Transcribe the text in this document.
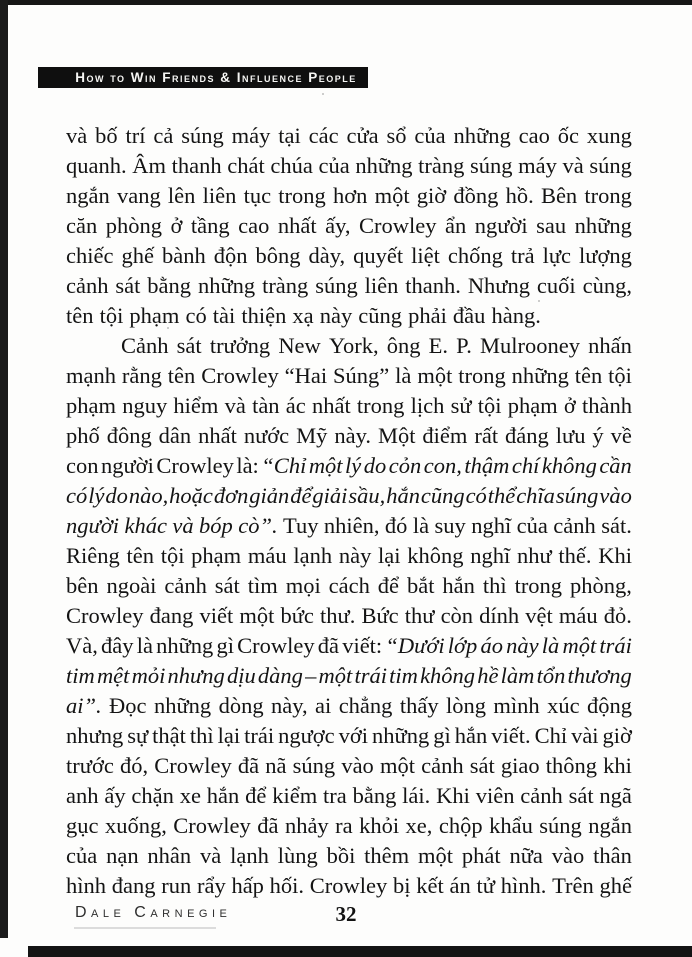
How to Win Friends & Influence People
và bố trí cả súng máy tại các cửa sổ của những cao ốc xung
quanh. Âm thanh chát chúa của những tràng súng máy và súng
ngắn vang lên liên tục trong hơn một giờ đồng hồ. Bên trong
căn phòng ở tầng cao nhất ấy, Crowley ẩn người sau những
chiếc ghế bành độn bông dày, quyết liệt chống trả lực lượng
cảnh sát bằng những tràng súng liên thanh. Nhưng cuối cùng,
tên tội phạm có tài thiện xạ này cũng phải đầu hàng.
Cảnh sát trưởng New York, ông E. P. Mulrooney nhấn
mạnh rằng tên Crowley “Hai Súng” là một trong những tên tội
phạm nguy hiểm và tàn ác nhất trong lịch sử tội phạm ở thành
phố đông dân nhất nước Mỹ này. Một điểm rất đáng lưu ý về
con người Crowley là: “Chỉ một lý do cỏn con, thậm chí không cần
có lý do nào, hoặc đơn giản để giải sầu, hắn cũng có thể chĩa súng vào
người khác và bóp cò”. Tuy nhiên, đó là suy nghĩ của cảnh sát.
Riêng tên tội phạm máu lạnh này lại không nghĩ như thế. Khi
bên ngoài cảnh sát tìm mọi cách để bắt hắn thì trong phòng,
Crowley đang viết một bức thư. Bức thư còn dính vệt máu đỏ.
Và, đây là những gì Crowley đã viết: “Dưới lớp áo này là một trái
tim mệt mỏi nhưng dịu dàng – một trái tim không hề làm tổn thương
ai”. Đọc những dòng này, ai chẳng thấy lòng mình xúc động
nhưng sự thật thì lại trái ngược với những gì hắn viết. Chỉ vài giờ
trước đó, Crowley đã nã súng vào một cảnh sát giao thông khi
anh ấy chặn xe hắn để kiểm tra bằng lái. Khi viên cảnh sát ngã
gục xuống, Crowley đã nhảy ra khỏi xe, chộp khẩu súng ngắn
của nạn nhân và lạnh lùng bồi thêm một phát nữa vào thân
hình đang run rẩy hấp hối. Crowley bị kết án tử hình. Trên ghế
Dale Carnegie	32
